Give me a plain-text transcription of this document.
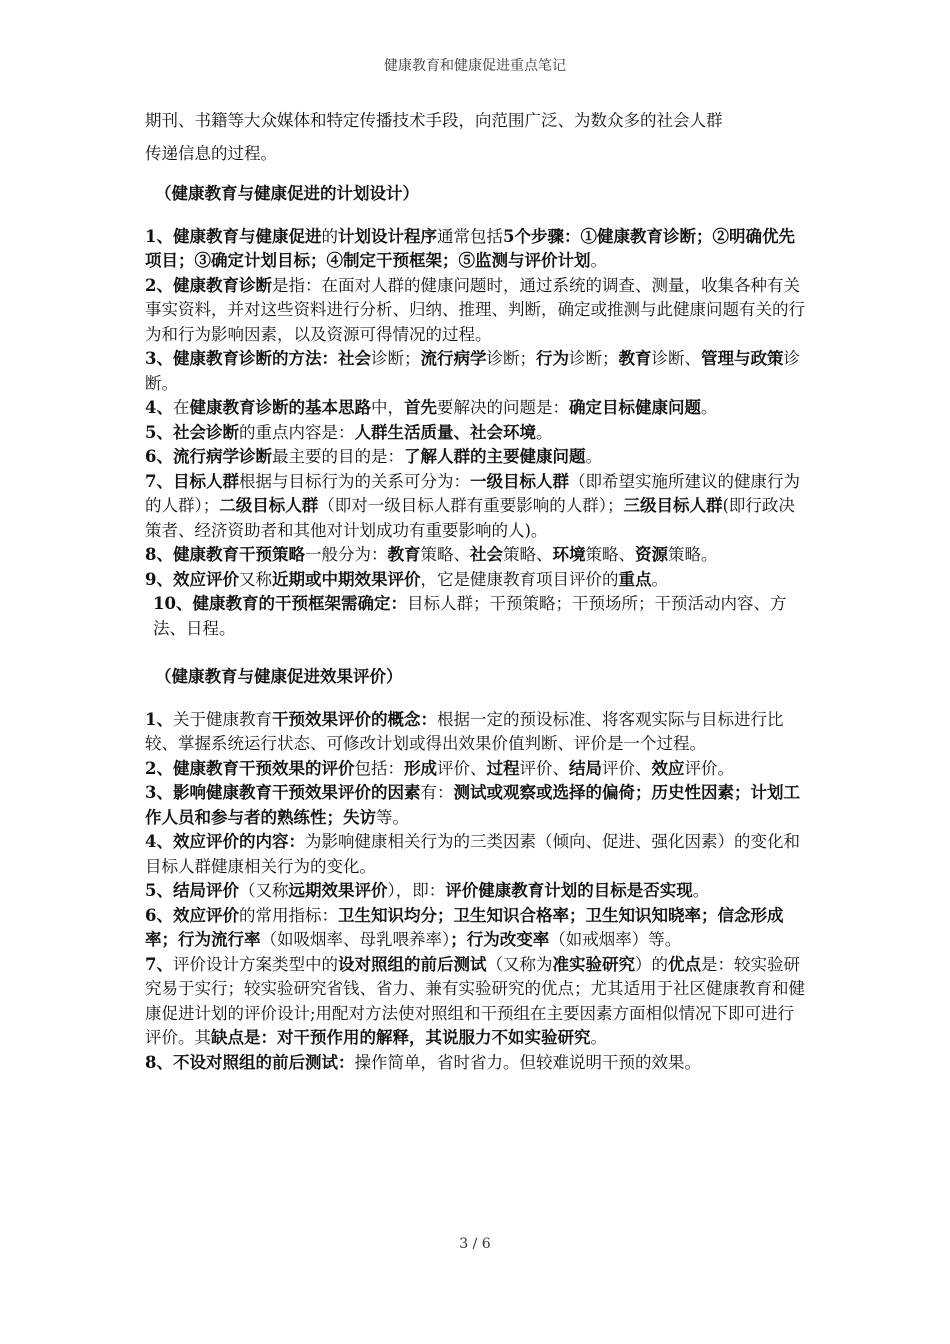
健康教育和健康促进重点笔记

期刊、书籍等大众媒体和特定传播技术手段，向范围广泛、为数众多的社会人群
传递信息的过程。

（健康教育与健康促进的计划设计）

1、健康教育与健康促进的计划设计程序通常包括5个步骤：①健康教育诊断；②明确优先项目；③确定计划目标；④制定干预框架；⑤监测与评价计划。

2、健康教育诊断是指：在面对人群的健康问题时，通过系统的调查、测量，收集各种有关事实资料，并对这些资料进行分析、归纳、推理、判断，确定或推测与此健康问题有关的行为和行为影响因素，以及资源可得情况的过程。

3、健康教育诊断的方法：社会诊断；流行病学诊断；行为诊断；教育诊断、管理与政策诊断。

4、在健康教育诊断的基本思路中，首先要解决的问题是：确定目标健康问题。

5、社会诊断的重点内容是：人群生活质量、社会环境。

6、流行病学诊断最主要的目的是：了解人群的主要健康问题。

7、目标人群根据与目标行为的关系可分为：一级目标人群（即希望实施所建议的健康行为的人群）；二级目标人群（即对一级目标人群有重要影响的人群）；三级目标人群(即行政决策者、经济资助者和其他对计划成功有重要影响的人)。

8、健康教育干预策略一般分为：教育策略、社会策略、环境策略、资源策略。

9、效应评价又称近期或中期效果评价，它是健康教育项目评价的重点。

10、健康教育的干预框架需确定：目标人群；干预策略；干预场所；干预活动内容、方法、日程。

（健康教育与健康促进效果评价）

1、关于健康教育干预效果评价的概念：根据一定的预设标准、将客观实际与目标进行比较、掌握系统运行状态、可修改计划或得出效果价值判断、评价是一个过程。

2、健康教育干预效果的评价包括：形成评价、过程评价、结局评价、效应评价。

3、影响健康教育干预效果评价的因素有：测试或观察或选择的偏倚；历史性因素；计划工作人员和参与者的熟练性；失访等。

4、效应评价的内容：为影响健康相关行为的三类因素（倾向、促进、强化因素）的变化和目标人群健康相关行为的变化。

5、结局评价（又称远期效果评价），即：评价健康教育计划的目标是否实现。

6、效应评价的常用指标：卫生知识均分；卫生知识合格率；卫生知识知晓率；信念形成率；行为流行率（如吸烟率、母乳喂养率）；行为改变率（如戒烟率）等。

7、评价设计方案类型中的设对照组的前后测试（又称为准实验研究）的优点是：较实验研究易于实行；较实验研究省钱、省力、兼有实验研究的优点；尤其适用于社区健康教育和健康促进计划的评价设计;用配对方法使对照组和干预组在主要因素方面相似情况下即可进行评价。其缺点是：对干预作用的解释，其说服力不如实验研究。

8、不设对照组的前后测试：操作简单，省时省力。但较难说明干预的效果。

3 / 6
